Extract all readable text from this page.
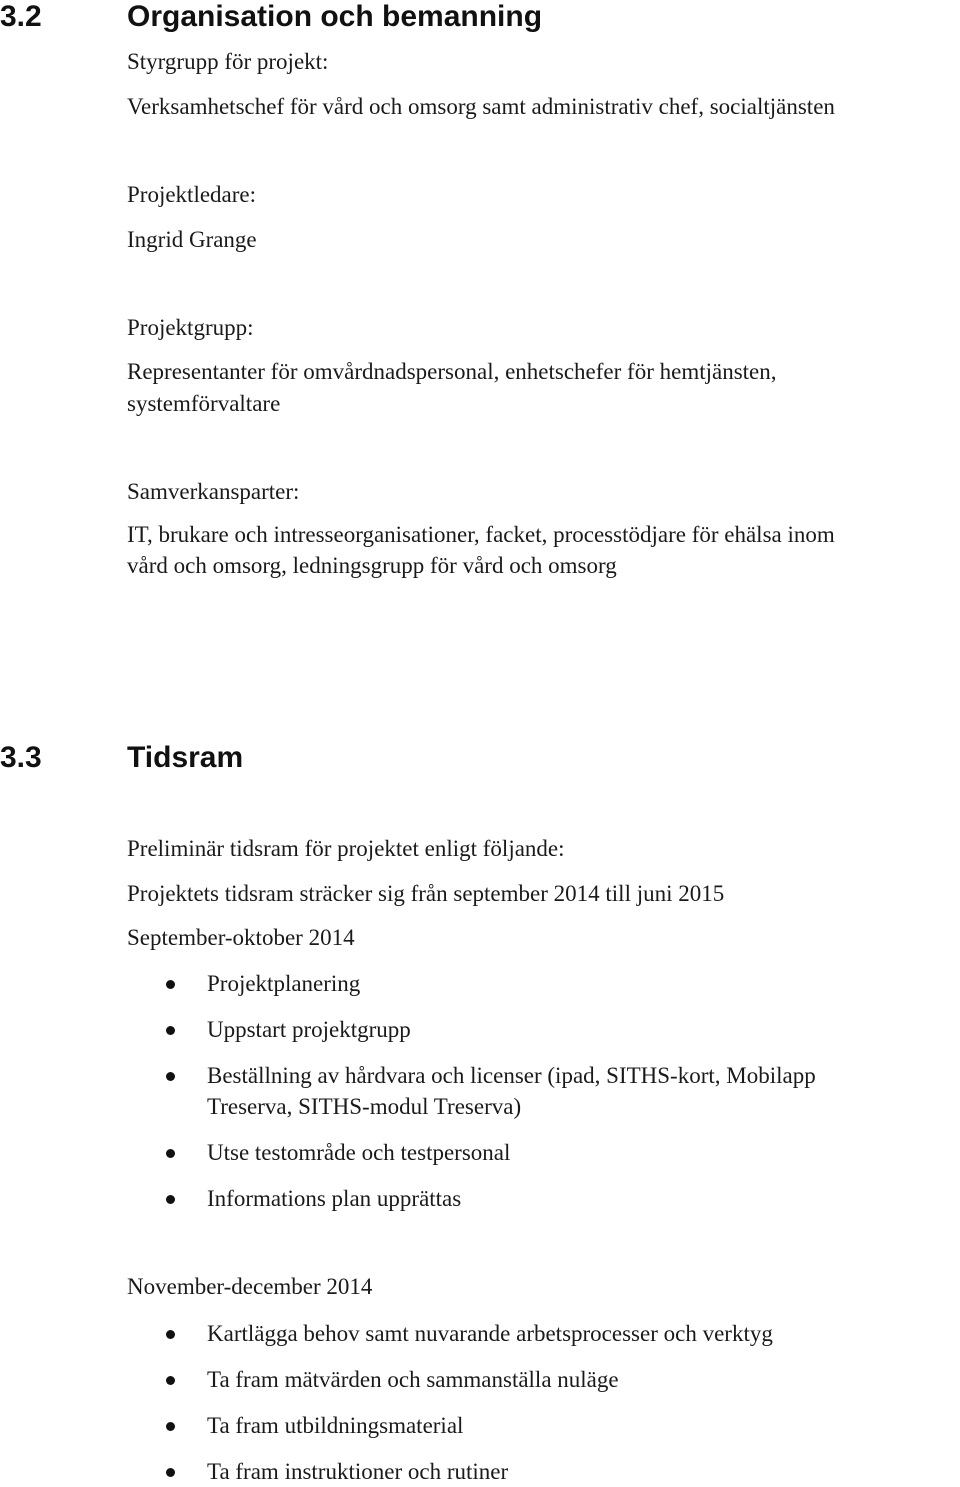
3.2	Organisation och bemanning
Styrgrupp för projekt:
Verksamhetschef för vård och omsorg samt administrativ chef, socialtjänsten
Projektledare:
Ingrid Grange
Projektgrupp:
Representanter för omvårdnadspersonal, enhetschefer för hemtjänsten,
systemförvaltare
Samverkansparter:
IT, brukare och intresseorganisationer, facket, processtödjare för ehälsa inom
vård och omsorg, ledningsgrupp för vård och omsorg
3.3	Tidsram
Preliminär tidsram för projektet enligt följande:
Projektets tidsram sträcker sig från september 2014 till juni 2015
September-oktober 2014
Projektplanering
Uppstart projektgrupp
Beställning av hårdvara och licenser (ipad, SITHS-kort, Mobilapp
Treserva, SITHS-modul Treserva)
Utse testområde och testpersonal
Informations plan upprättas
November-december 2014
Kartlägga behov samt nuvarande arbetsprocesser och verktyg
Ta fram mätvärden och sammanställa nuläge
Ta fram utbildningsmaterial
Ta fram instruktioner och rutiner
